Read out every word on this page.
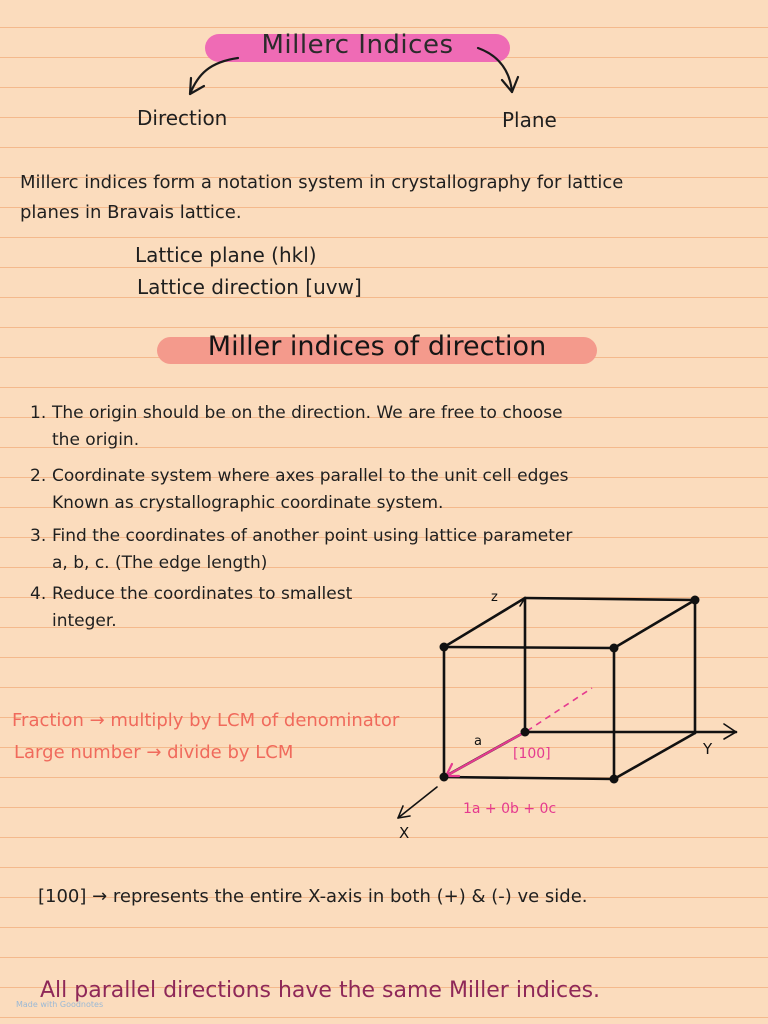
Millerc Indices
Direction	Plane
Millerc indices form a notation system in crystallography for lattice
planes in Bravais lattice.
Lattice plane (hkl)
Lattice direction [uvw]
Miller indices of direction
1. The origin should be on the direction. We are free to choose
the origin.
2. Coordinate system where axes parallel to the unit cell edges
Known as crystallographic coordinate system.
3. Find the coordinates of another point using lattice parameter
a, b, c. (The edge length)
4. Reduce the coordinates to smallest
integer.
Fraction → multiply by LCM of denominator
Large number → divide by LCM
z
Y
X
a
[100]
1a + 0b + 0c
[100] → represents the entire X-axis in both (+) & (-) ve side.
All parallel directions have the same Miller indices.
Made with Goodnotes
